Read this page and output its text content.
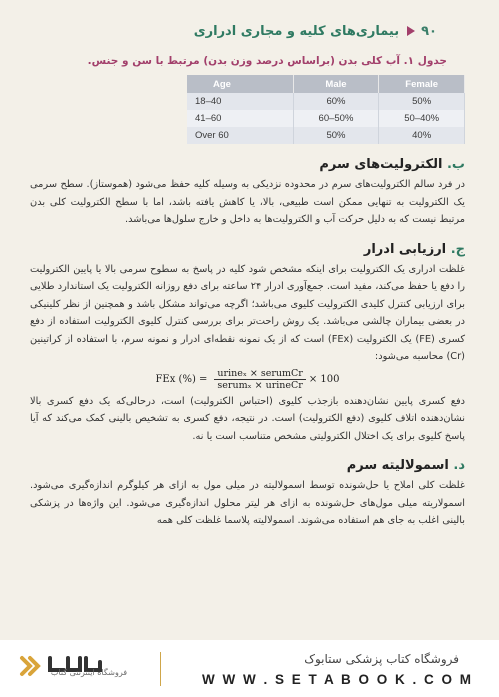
۹۰
بیماری‌های کلیه و مجاری ادراری
جدول ۱. آب کلی بدن (براساس درصد وزن بدن) مرتبط با سن و جنس.
Age	Male	Female
18–40	60%	50%
41–60	60–50%	50–40%
Over 60	50%	40%
ب. الکترولیت‌های سرم

در فرد سالم الکترولیت‌های سرم در محدوده نزدیکی به وسیله کلیه حفظ می‌شود (هموستاز). سطح سرمی یک الکترولیت به تنهایی ممکن است طبیعی، بالا، یا کاهش یافته باشد، اما با سطح الکترولیت کلی بدن مرتبط نیست که به دلیل حرکت آب و الکترولیت‌ها به داخل و خارج سلول‌ها می‌باشد.

ج. ارزیابی ادرار

غلظت ادراری یک الکترولیت برای اینکه مشخص شود کلیه در پاسخ به سطوح سرمی بالا یا پایین الکترولیت را دفع یا حفظ می‌کند، مفید است. جمع‌آوری ادرار ۲۴ ساعته برای دفع روزانه الکترولیت یک استاندارد طلایی برای ارزیابی کنترل کلیدی الکترولیت کلیوی می‌باشد؛ اگرچه می‌تواند مشکل باشد و همچنین از نظر کلینیکی در بعضی بیماران چالشی می‌باشد. یک روش راحت‌تر برای بررسی کنترل کلیوی الکترولیت استفاده از دفع کسری (FE) یک الکترولیت (FEx) است که از یک نمونه نقطه‌ای ادرار و نمونه سرم، با استفاده از کراتینین (Cr) محاسبه می‌شود:

FEx (%) = $\frac{\text{urineₓ × serumCr}}{\text{serumₓ × urineCr}} \times 100$

دفع کسری پایین نشان‌دهنده بازجذب کلیوی (احتباس الکترولیت) است، درحالی‌که یک دفع کسری بالا نشان‌دهنده اتلاف کلیوی (دفع الکترولیت) است. در نتیجه، دفع کسری به تشخیص بالینی کمک می‌کند که آیا پاسخ کلیوی برای یک اختلال الکترولیتی مشخص متناسب است یا نه.

د. اسمولالیته سرم

غلظت کلی املاح یا حل‌شونده توسط اسمولالیته در میلی مول به ازای هر کیلوگرم اندازه‌گیری می‌شود. اسمولاریته میلی مول‌های حل‌شونده به ازای هر لیتر محلول اندازه‌گیری می‌شود. این واژه‌ها در پزشکی بالینی اغلب به جای هم استفاده می‌شوند. اسمولالیته پلاسما غلظت کلی همه

فروشگاه اینترنتی کتاب
فروشگاه کتاب پزشکی ستابوک
W W W . S E T A B O O K . C O M
